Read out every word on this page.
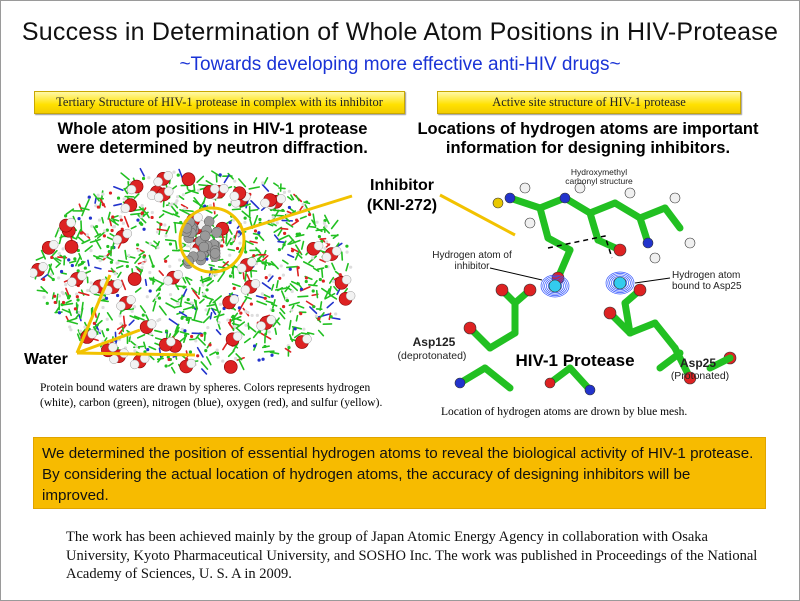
Success in Determination of Whole Atom Positions in HIV-Protease
~Towards developing more effective anti-HIV drugs~
Tertiary Structure of HIV-1 protease in complex with its inhibitor
Whole atom positions in HIV-1 protease were determined by neutron diffraction.
Inhibitor (KNI-272)
Water
Protein bound waters are drawn by spheres. Colors represents hydrogen (white), carbon (green), nitrogen (blue), oxygen (red), and sulfur (yellow).
Active site structure of HIV-1 protease
Locations of hydrogen atoms are important information for designing inhibitors.
Hydroxymethyl carbonyl structure
Hydrogen atom of inhibitor
Hydrogen atom bound to Asp25
Asp125
(deprotonated)	HIV-1 Protease	Asp25
(Protonated)
Location of hydrogen atoms are drown by blue mesh.
We determined the position of essential hydrogen atoms to reveal the biological activity of HIV-1 protease. By considering the actual location of hydrogen atoms, the accuracy of designing inhibitors will be improved.
The work has been achieved mainly by the group of Japan Atomic Energy Agency in collaboration with Osaka University, Kyoto Pharmaceutical University, and SOSHO Inc. The work was published in Proceedings of the National Academy of Sciences, U. S. A in 2009.
